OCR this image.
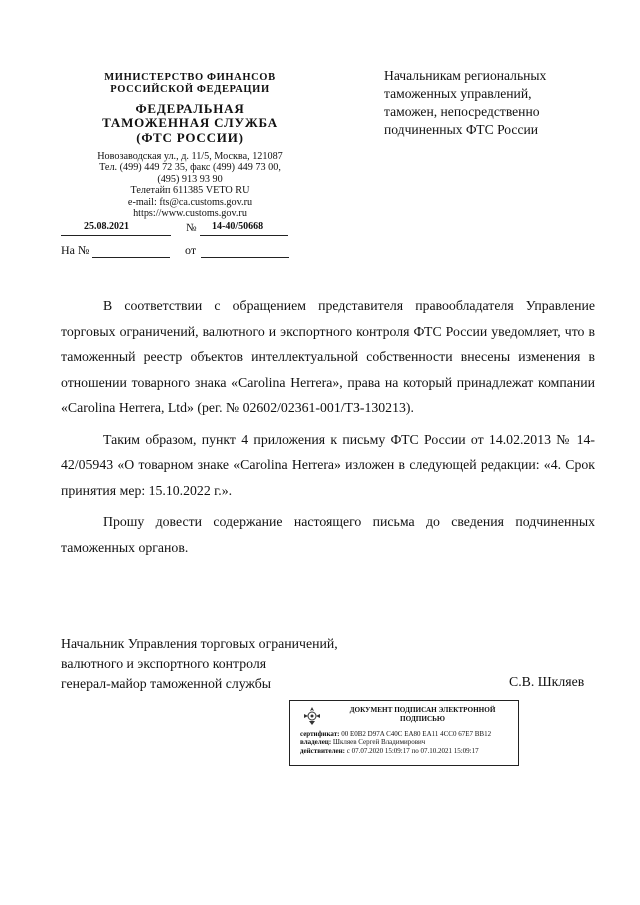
МИНИСТЕРСТВО ФИНАНСОВ
РОССИЙСКОЙ ФЕДЕРАЦИИ
ФЕДЕРАЛЬНАЯ
ТАМОЖЕННАЯ СЛУЖБА
(ФТС РОССИИ)
Новозаводская ул., д. 11/5, Москва, 121087
Тел. (499) 449 72 35, факс (499) 449 73 00,
(495) 913 93 90
Телетайп 611385 VETO RU
e-mail: fts@ca.customs.gov.ru
https://www.customs.gov.ru
25.08.2021	№ 14-40/50668
На №	от
Начальникам региональных
таможенных управлений,
таможен, непосредственно
подчиненных ФТС России

В соответствии с обращением представителя правообладателя Управление торговых ограничений, валютного и экспортного контроля ФТС России уведомляет, что в таможенный реестр объектов интеллектуальной собственности внесены изменения в отношении товарного знака «Carolina Herrera», права на который принадлежат компании «Carolina Herrera, Ltd» (рег. № 02602/02361-001/ТЗ-130213).

Таким образом, пункт 4 приложения к письму ФТС России от 14.02.2013 № 14-42/05943 «О товарном знаке «Carolina Herrera» изложен в следующей редакции: «4. Срок принятия мер: 15.10.2022 г.».

Прошу довести содержание настоящего письма до сведения подчиненных таможенных органов.

Начальник Управления торговых ограничений,
валютного и экспортного контроля
генерал-майор таможенной службы	С.В. Шкляев
ДОКУМЕНТ ПОДПИСАН ЭЛЕКТРОННОЙ ПОДПИСЬЮ
сертификат: 00 E0B2 D97A C40C EA80 EA11 4CC0 67E7 BB12
владелец: Шкляев Сергей Владимирович
действителен: с 07.07.2020 15:09:17 по 07.10.2021 15:09:17
